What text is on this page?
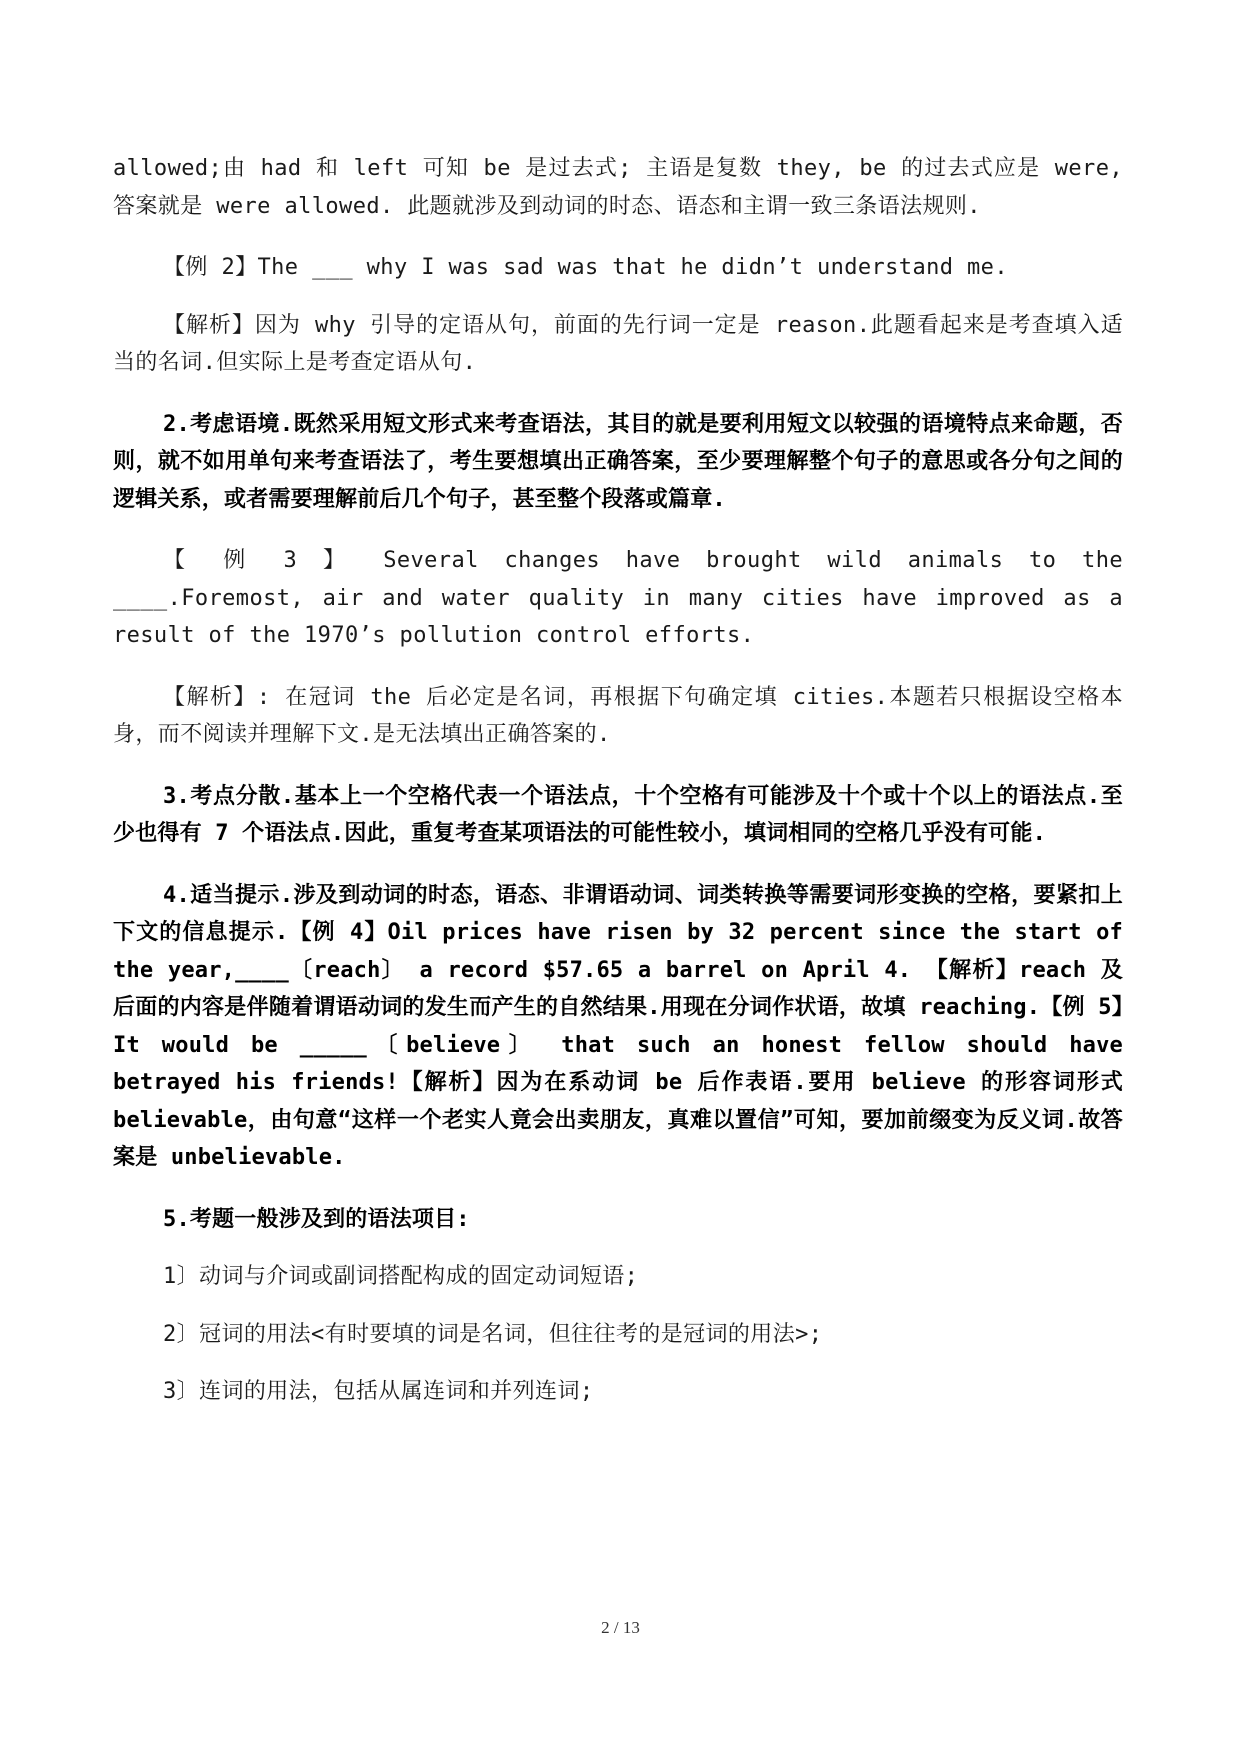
allowed;由 had 和 left 可知 be 是过去式; 主语是复数 they, be 的过去式应是 were, 答案就是 were allowed. 此题就涉及到动词的时态、语态和主谓一致三条语法规则.

【例 2】The ___ why I was sad was that he didn’t understand me.

【解析】因为 why 引导的定语从句，前面的先行词一定是 reason.此题看起来是考查填入适当的名词.但实际上是考查定语从句.

2.考虑语境.既然采用短文形式来考查语法，其目的就是要利用短文以较强的语境特点来命题，否则，就不如用单句来考查语法了，考生要想填出正确答案，至少要理解整个句子的意思或各分句之间的逻辑关系，或者需要理解前后几个句子，甚至整个段落或篇章.

【 例 3 】 Several changes have brought wild animals to the ____.Foremost, air and water quality in many cities have improved as a result of the 1970’s pollution control efforts.

【解析】: 在冠词 the 后必定是名词，再根据下句确定填 cities.本题若只根据设空格本身，而不阅读并理解下文.是无法填出正确答案的.

3.考点分散.基本上一个空格代表一个语法点，十个空格有可能涉及十个或十个以上的语法点.至少也得有 7 个语法点.因此，重复考查某项语法的可能性较小，填词相同的空格几乎没有可能.

4.适当提示.涉及到动词的时态，语态、非谓语动词、词类转换等需要词形变换的空格，要紧扣上下文的信息提示.【例 4】Oil prices have risen by 32 percent since the start of the year,____〔reach〕 a record $57.65 a barrel on April 4. 【解析】reach 及后面的内容是伴随着谓语动词的发生而产生的自然结果.用现在分词作状语，故填 reaching.【例 5】It would be _____〔believe〕 that such an honest fellow should have betrayed his friends!【解析】因为在系动词 be 后作表语.要用 believe 的形容词形式 believable，由句意“这样一个老实人竟会出卖朋友，真难以置信”可知，要加前缀变为反义词.故答案是 unbelievable.

5.考题一般涉及到的语法项目:

1〕动词与介词或副词搭配构成的固定动词短语;

2〕冠词的用法<有时要填的词是名词，但往往考的是冠词的用法>;

3〕连词的用法，包括从属连词和并列连词;

2 / 13
